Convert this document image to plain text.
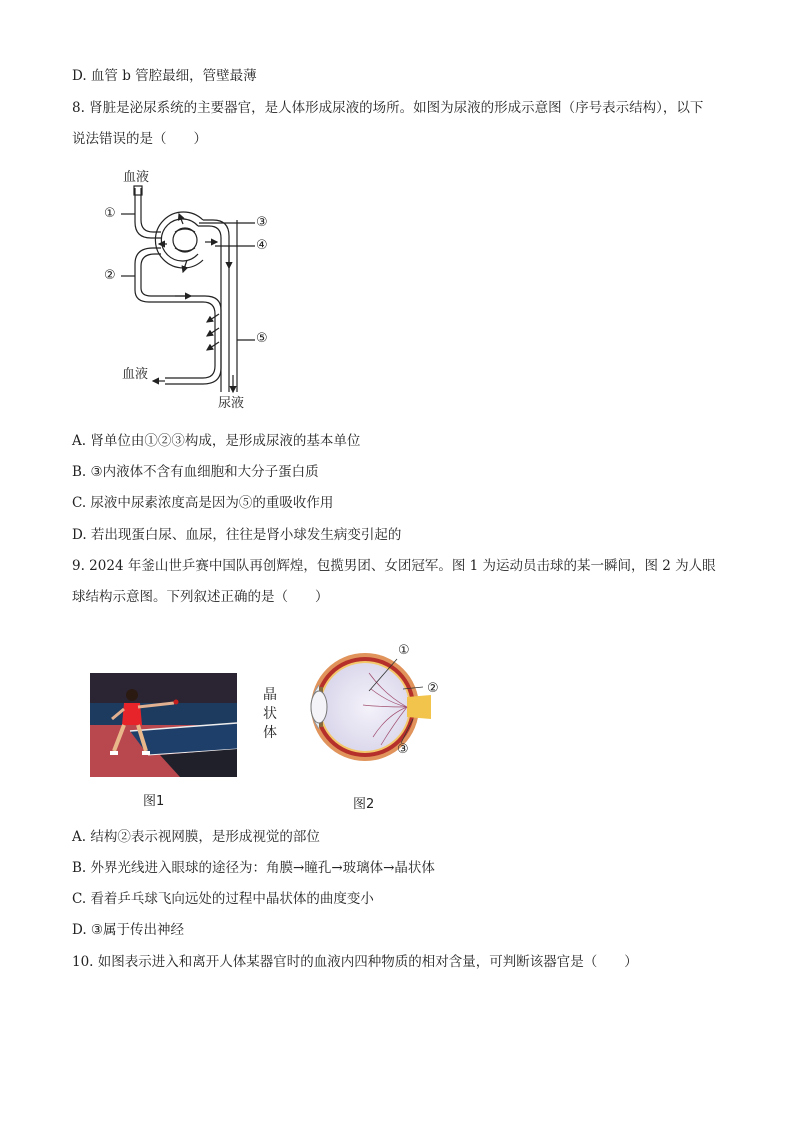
D. 血管 b 管腔最细，管壁最薄
8. 肾脏是泌尿系统的主要器官，是人体形成尿液的场所。如图为尿液的形成示意图（序号表示结构），以下
说法错误的是（　　）
血液
①
②
③
④
⑤
血液
尿液
A. 肾单位由①②③构成，是形成尿液的基本单位
B. ③内液体不含有血细胞和大分子蛋白质
C. 尿液中尿素浓度高是因为⑤的重吸收作用
D. 若出现蛋白尿、血尿，往往是肾小球发生病变引起的
9. 2024 年釜山世乒赛中国队再创辉煌，包揽男团、女团冠军。图 1 为运动员击球的某一瞬间，图 2 为人眼
球结构示意图。下列叙述正确的是（　　）
图1
①
②
③
晶
状
体
图2
A. 结构②表示视网膜，是形成视觉的部位
B. 外界光线进入眼球的途径为：角膜→瞳孔→玻璃体→晶状体
C. 看着乒乓球飞向远处的过程中晶状体的曲度变小
D. ③属于传出神经
10. 如图表示进入和离开人体某器官时的血液内四种物质的相对含量，可判断该器官是（　　）
